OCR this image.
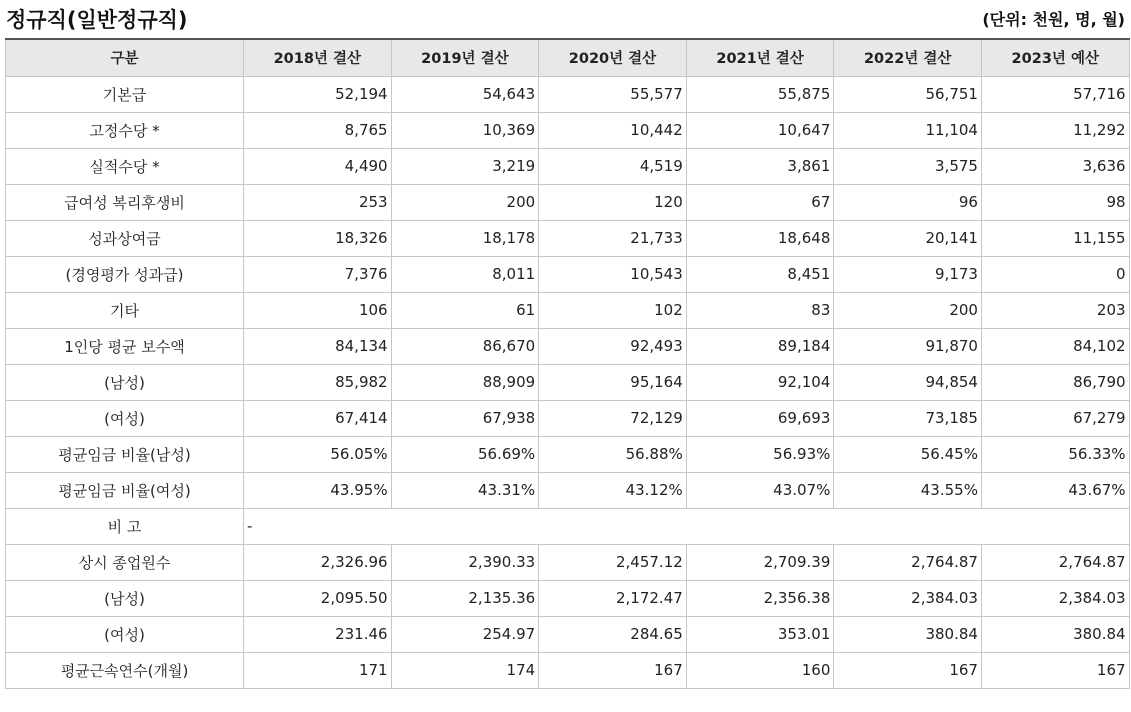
정규직(일반정규직)	(단위: 천원, 명, 월)
구분	2018년 결산	2019년 결산	2020년 결산	2021년 결산	2022년 결산	2023년 예산
기본급	52,194	54,643	55,577	55,875	56,751	57,716
고정수당 *	8,765	10,369	10,442	10,647	11,104	11,292
실적수당 *	4,490	3,219	4,519	3,861	3,575	3,636
급여성 복리후생비	253	200	120	67	96	98
성과상여금	18,326	18,178	21,733	18,648	20,141	11,155
(경영평가 성과급)	7,376	8,011	10,543	8,451	9,173	0
기타	106	61	102	83	200	203
1인당 평균 보수액	84,134	86,670	92,493	89,184	91,870	84,102
(남성)	85,982	88,909	95,164	92,104	94,854	86,790
(여성)	67,414	67,938	72,129	69,693	73,185	67,279
평균임금 비율(남성)	56.05%	56.69%	56.88%	56.93%	56.45%	56.33%
평균임금 비율(여성)	43.95%	43.31%	43.12%	43.07%	43.55%	43.67%
비 고	-					
상시 종업원수	2,326.96	2,390.33	2,457.12	2,709.39	2,764.87	2,764.87
(남성)	2,095.50	2,135.36	2,172.47	2,356.38	2,384.03	2,384.03
(여성)	231.46	254.97	284.65	353.01	380.84	380.84
평균근속연수(개월)	171	174	167	160	167	167
